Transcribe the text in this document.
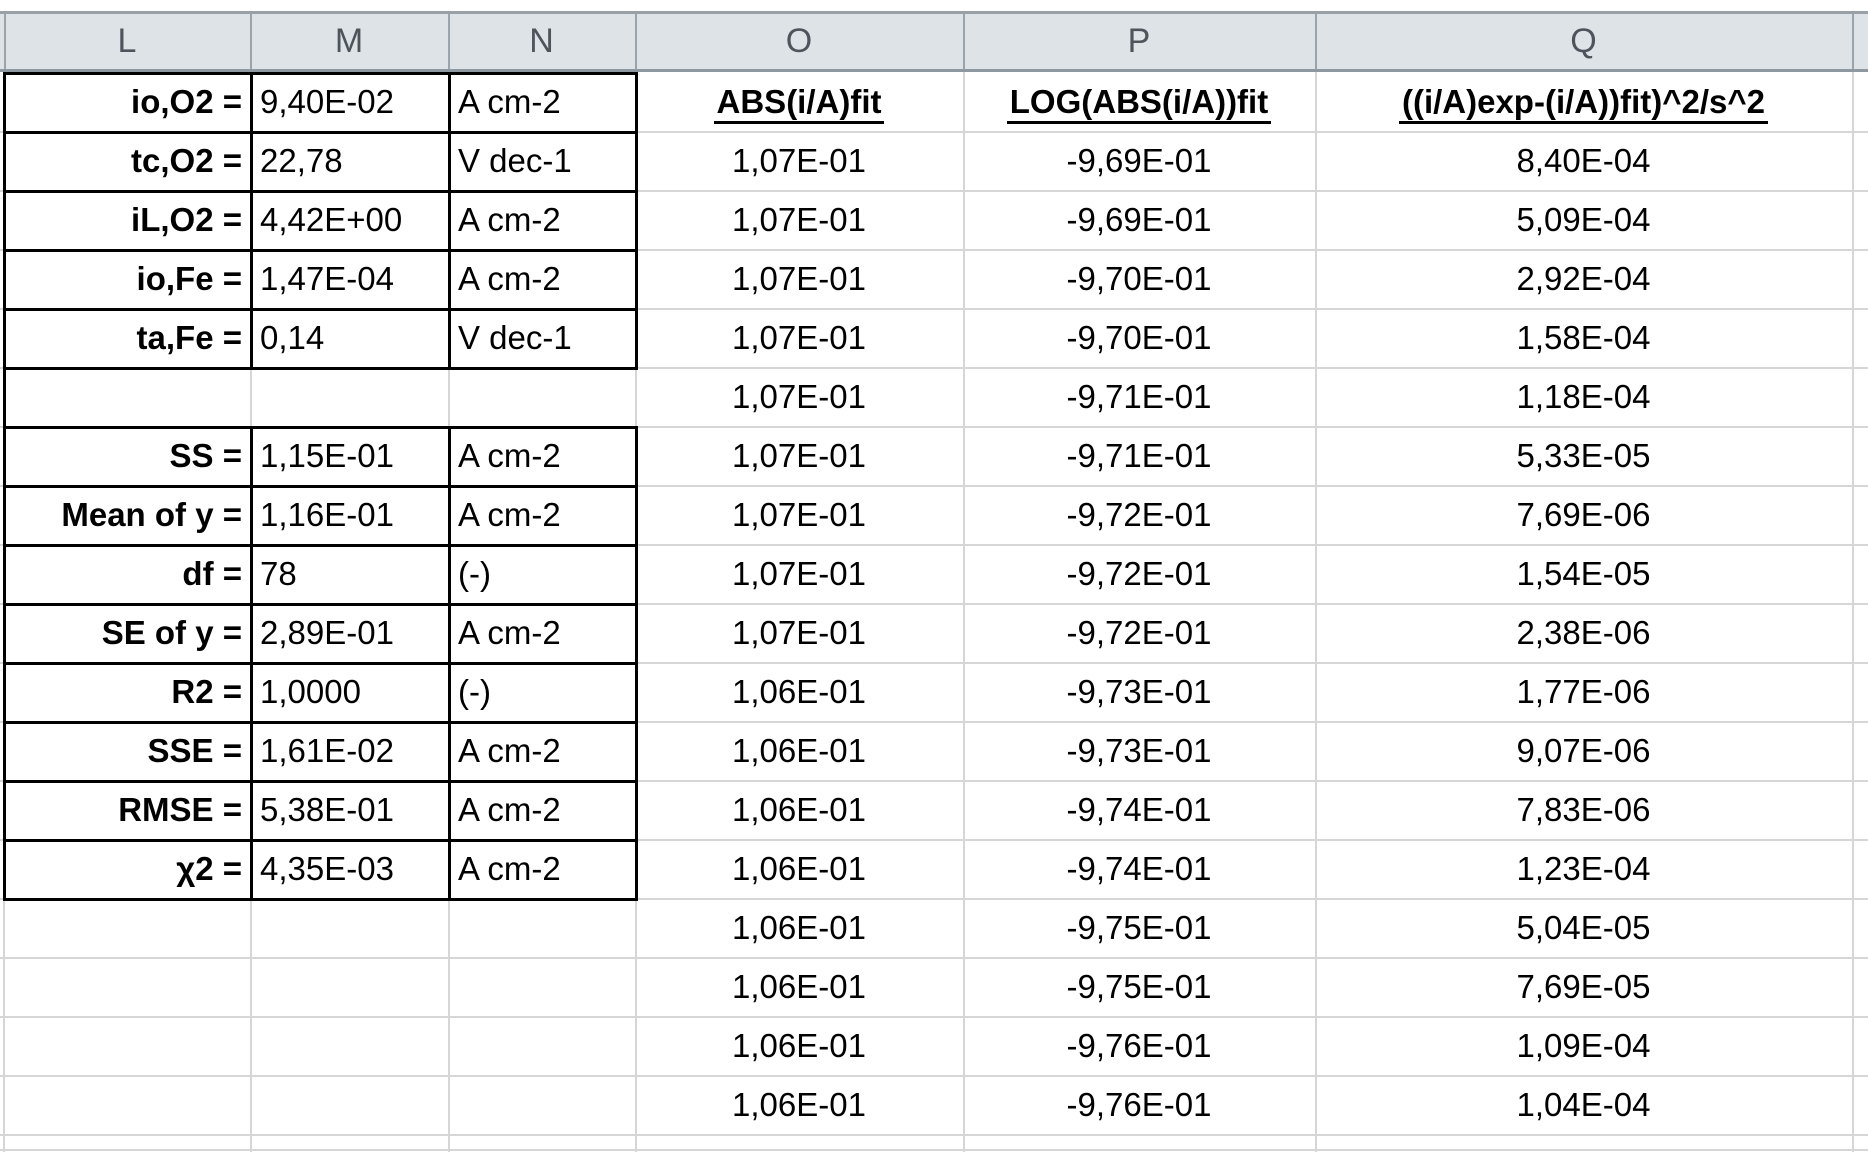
L	M	N	O	P	Q
io,O2 = 9,40E-02	A cm-2
tc,O2 = 22,78	V dec-1
iL,O2 = 4,42E+00	A cm-2
io,Fe = 1,47E-04	A cm-2
ta,Fe = 0,14	V dec-1
SS = 1,15E-01	A cm-2
Mean of y = 1,16E-01	A cm-2
df = 78	(-)
SE of y = 2,89E-01	A cm-2
R2 = 1,0000	(-)
SSE = 1,61E-02	A cm-2
RMSE = 5,38E-01	A cm-2
χ2 = 4,35E-03	A cm-2
ABS(i/A)fit	LOG(ABS(i/A))fit	((i/A)exp-(i/A))fit)^2/s^2
1,07E-01	-9,69E-01	8,40E-04
1,07E-01	-9,69E-01	5,09E-04
1,07E-01	-9,70E-01	2,92E-04
1,07E-01	-9,70E-01	1,58E-04
1,07E-01	-9,71E-01	1,18E-04
1,07E-01	-9,71E-01	5,33E-05
1,07E-01	-9,72E-01	7,69E-06
1,07E-01	-9,72E-01	1,54E-05
1,07E-01	-9,72E-01	2,38E-06
1,06E-01	-9,73E-01	1,77E-06
1,06E-01	-9,73E-01	9,07E-06
1,06E-01	-9,74E-01	7,83E-06
1,06E-01	-9,74E-01	1,23E-04
1,06E-01	-9,75E-01	5,04E-05
1,06E-01	-9,75E-01	7,69E-05
1,06E-01	-9,76E-01	1,09E-04
1,06E-01	-9,76E-01	1,04E-04
